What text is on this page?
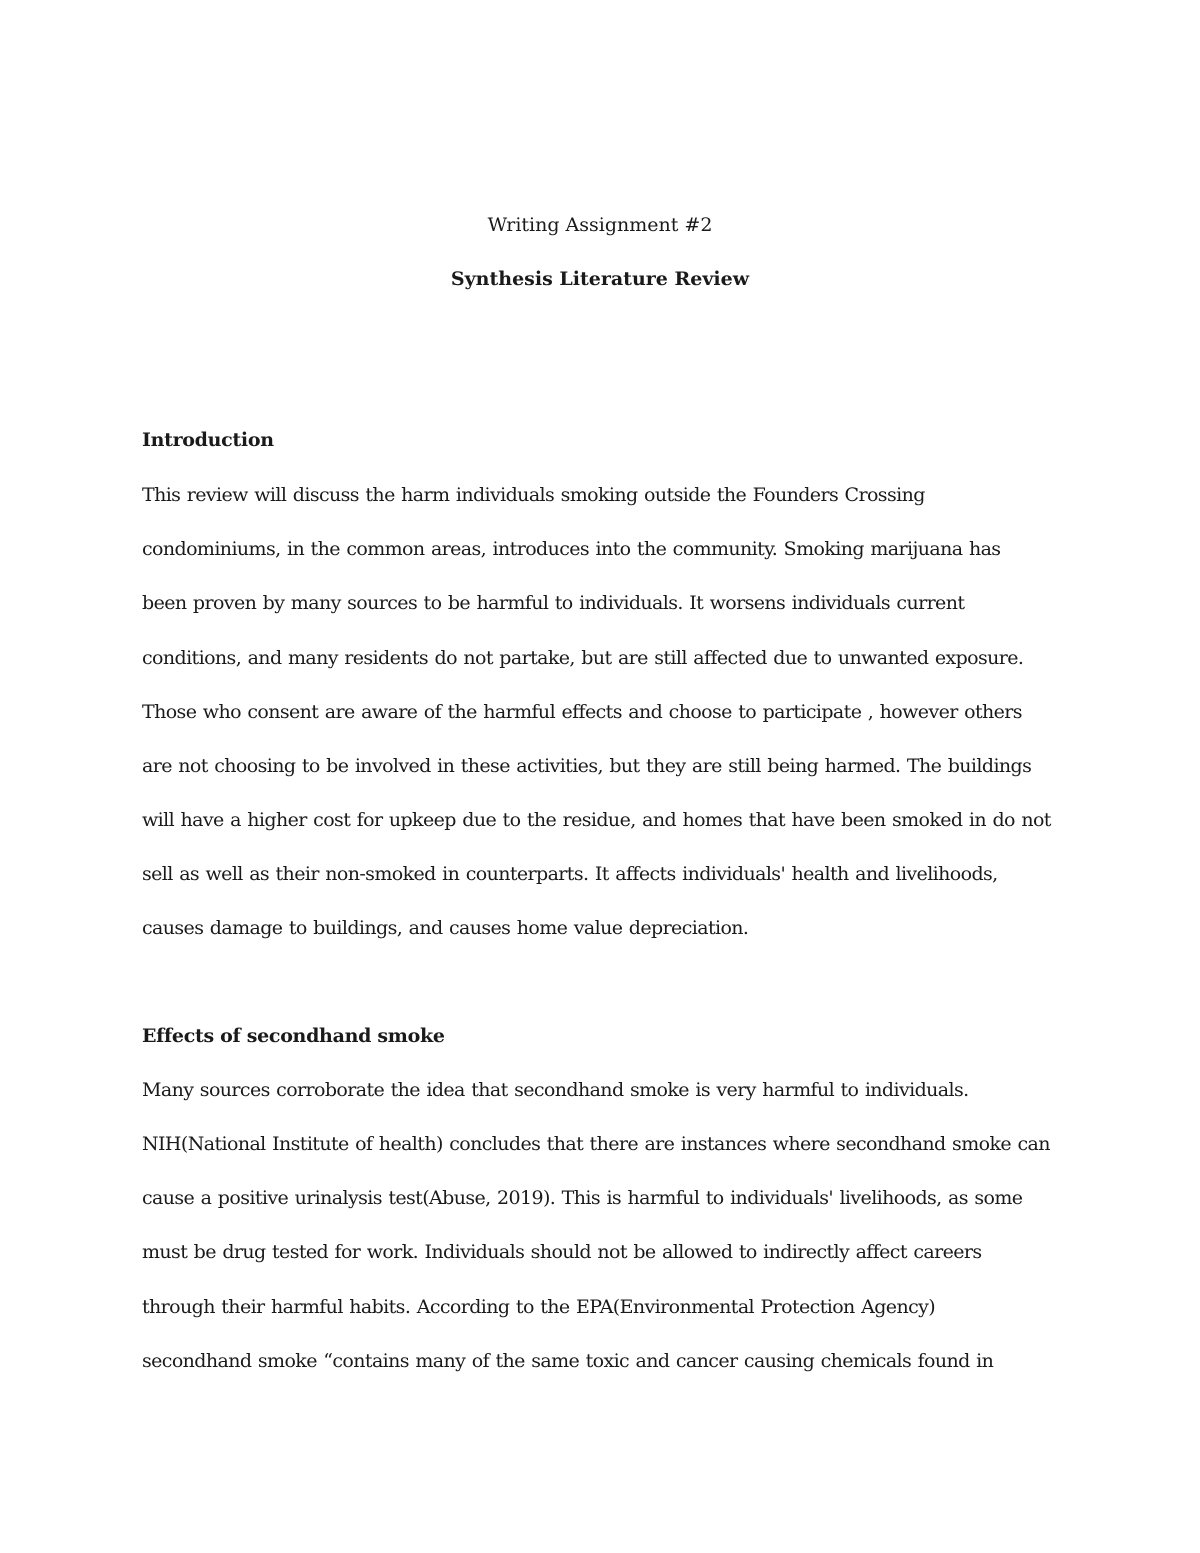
Writing Assignment #2
Synthesis Literature Review
Introduction
This review will discuss the harm individuals smoking outside the Founders Crossing
condominiums, in the common areas, introduces into the community. Smoking marijuana has
been proven by many sources to be harmful to individuals. It worsens individuals current
conditions, and many residents do not partake, but are still affected due to unwanted exposure.
Those who consent are aware of the harmful effects and choose to participate , however others
are not choosing to be involved in these activities, but they are still being harmed. The buildings
will have a higher cost for upkeep due to the residue, and homes that have been smoked in do not
sell as well as their non-smoked in counterparts. It affects individuals' health and livelihoods,
causes damage to buildings, and causes home value depreciation.
Effects of secondhand smoke
Many sources corroborate the idea that secondhand smoke is very harmful to individuals.
NIH(National Institute of health) concludes that there are instances where secondhand smoke can
cause a positive urinalysis test(Abuse, 2019). This is harmful to individuals' livelihoods, as some
must be drug tested for work. Individuals should not be allowed to indirectly affect careers
through their harmful habits. According to the EPA(Environmental Protection Agency)
secondhand smoke “contains many of the same toxic and cancer causing chemicals found in
